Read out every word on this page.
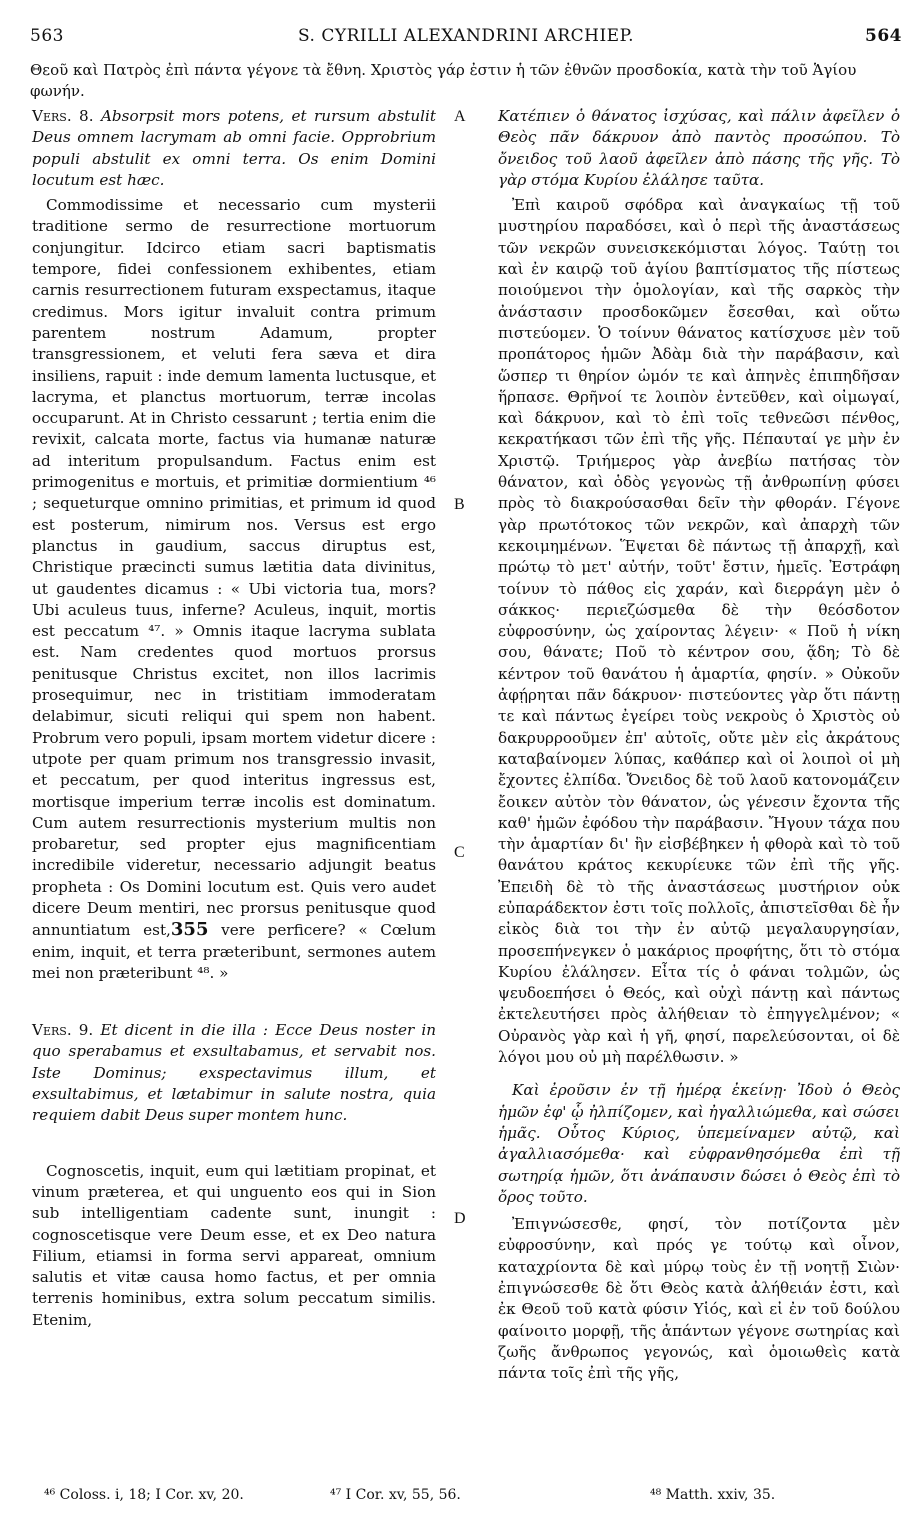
563	S. CYRILLI ALEXANDRINI ARCHIEP.	564
Θεοῦ καὶ Πατρὸς ἐπὶ πάντα γέγονε τὰ ἔθνη. Χριστὸς γάρ ἐστιν ἡ τῶν ἐθνῶν προσδοκία, κατὰ τὴν τοῦ Ἁγίου φωνήν.

Vers. 8. Absorpsit mors potens, et rursum abstulit Deus omnem lacrymam ab omni facie. Opprobrium populi abstulit ex omni terra. Os enim Domini locutum est hæc.

Commodissime et necessario cum mysterii traditione sermo de resurrectione mortuorum conjungitur. Idcirco etiam sacri baptismatis tempore, fidei confessionem exhibentes, etiam carnis resurrectionem futuram exspectamus, itaque credimus. Mors igitur invaluit contra primum parentem nostrum Adamum, propter transgressionem, et veluti fera sæva et dira insiliens, rapuit : inde demum lamenta luctusque, et lacryma, et planctus mortuorum, terræ incolas occuparunt. At in Christo cessarunt ; tertia enim die revixit, calcata morte, factus via humanæ naturæ ad interitum propulsandum. Factus enim est primogenitus e mortuis, et primitiæ dormientium ⁴⁶ ; sequeturque omnino primitias, et primum id quod est posterum, nimirum nos. Versus est ergo planctus in gaudium, saccus diruptus est, Christique præcincti sumus lætitia data divinitus, ut gaudentes dicamus : « Ubi victoria tua, mors? Ubi aculeus tuus, inferne? Aculeus, inquit, mortis est peccatum ⁴⁷. » Omnis itaque lacryma sublata est. Nam credentes quod mortuos prorsus penitusque Christus excitet, non illos lacrimis prosequimur, nec in tristitiam immoderatam delabimur, sicuti reliqui qui spem non habent. Probrum vero populi, ipsam mortem videtur dicere : utpote per quam primum nos transgressio invasit, et peccatum, per quod interitus ingressus est, mortisque imperium terræ incolis est dominatum. Cum autem resurrectionis mysterium multis non probaretur, sed propter ejus magnificentiam incredibile videretur, necessario adjungit beatus propheta : Os Domini locutum est. Quis vero audet dicere Deum mentiri, nec prorsus penitusque quod annuntiatum est,355 vere perficere? « Cœlum enim, inquit, et terra præteribunt, sermones autem mei non præteribunt ⁴⁸. »

Vers. 9. Et dicent in die illa : Ecce Deus noster in quo sperabamus et exsultabamus, et servabit nos. Iste Dominus; exspectavimus illum, et exsultabimus, et lætabimur in salute nostra, quia requiem dabit Deus super montem hunc.

Cognoscetis, inquit, eum qui lætitiam propinat, et vinum præterea, et qui unguento eos qui in Sion sub intelligentiam cadente sunt, inungit : cognoscetisque vere Deum esse, et ex Deo natura Filium, etiamsi in forma servi appareat, omnium salutis et vitæ causa homo factus, et per omnia terrenis hominibus, extra solum peccatum similis. Etenim,

A
B
C
D

Κατέπιεν ὁ θάνατος ἰσχύσας, καὶ πάλιν ἀφεῖλεν ὁ Θεὸς πᾶν δάκρυον ἀπὸ παντὸς προσώπου. Τὸ ὄνειδος τοῦ λαοῦ ἀφεῖλεν ἀπὸ πάσης τῆς γῆς. Τὸ γὰρ στόμα Κυρίου ἐλάλησε ταῦτα.

Ἐπὶ καιροῦ σφόδρα καὶ ἀναγκαίως τῇ τοῦ μυστηρίου παραδόσει, καὶ ὁ περὶ τῆς ἀναστάσεως τῶν νεκρῶν συνεισκεκόμισται λόγος. Ταύτῃ τοι καὶ ἐν καιρῷ τοῦ ἁγίου βαπτίσματος τῆς πίστεως ποιούμενοι τὴν ὁμολογίαν, καὶ τῆς σαρκὸς τὴν ἀνάστασιν προσδοκῶμεν ἔσεσθαι, καὶ οὕτω πιστεύομεν. Ὁ τοίνυν θάνατος κατίσχυσε μὲν τοῦ προπάτορος ἡμῶν Ἀδὰμ διὰ τὴν παράβασιν, καὶ ὥσπερ τι θηρίον ὠμόν τε καὶ ἀπηνὲς ἐπιπηδῆσαν ἥρπασε. Θρῆνοί τε λοιπὸν ἐντεῦθεν, καὶ οἰμωγαί, καὶ δάκρυον, καὶ τὸ ἐπὶ τοῖς τεθνεῶσι πένθος, κεκρατήκασι τῶν ἐπὶ τῆς γῆς. Πέπαυταί γε μὴν ἐν Χριστῷ. Τριήμερος γὰρ ἀνεβίω πατήσας τὸν θάνατον, καὶ ὁδὸς γεγονὼς τῇ ἀνθρωπίνῃ φύσει πρὸς τὸ διακρούσασθαι δεῖν τὴν φθοράν. Γέγονε γὰρ πρωτότοκος τῶν νεκρῶν, καὶ ἀπαρχὴ τῶν κεκοιμημένων. Ἕψεται δὲ πάντως τῇ ἀπαρχῇ, καὶ πρώτῳ τὸ μετ' αὐτήν, τοῦτ' ἔστιν, ἡμεῖς. Ἐστράφη τοίνυν τὸ πάθος εἰς χαράν, καὶ διερράγη μὲν ὁ σάκκος· περιεζώσμεθα δὲ τὴν θεόσδοτον εὐφροσύνην, ὡς χαίροντας λέγειν· « Ποῦ ἡ νίκη σου, θάνατε; Ποῦ τὸ κέντρον σου, ᾅδη; Τὸ δὲ κέντρον τοῦ θανάτου ἡ ἁμαρτία, φησίν. » Οὐκοῦν ἀφῄρηται πᾶν δάκρυον· πιστεύοντες γὰρ ὅτι πάντῃ τε καὶ πάντως ἐγείρει τοὺς νεκροὺς ὁ Χριστὸς οὐ δακρυρροοῦμεν ἐπ' αὐτοῖς, οὔτε μὲν εἰς ἀκράτους καταβαίνομεν λύπας, καθάπερ καὶ οἱ λοιποὶ οἱ μὴ ἔχοντες ἐλπίδα. Ὄνειδος δὲ τοῦ λαοῦ κατονομάζειν ἔοικεν αὐτὸν τὸν θάνατον, ὡς γένεσιν ἔχοντα τῆς καθ' ἡμῶν ἐφόδου τὴν παράβασιν. Ἤγουν τάχα που τὴν ἁμαρτίαν δι' ἣν εἰσβέβηκεν ἡ φθορὰ καὶ τὸ τοῦ θανάτου κράτος κεκυρίευκε τῶν ἐπὶ τῆς γῆς. Ἐπειδὴ δὲ τὸ τῆς ἀναστάσεως μυστήριον οὐκ εὐπαράδεκτον ἐστι τοῖς πολλοῖς, ἀπιστεῖσθαι δὲ ἦν εἰκὸς διὰ τοι τὴν ἐν αὐτῷ μεγαλαυργησίαν, προσεπήνεγκεν ὁ μακάριος προφήτης, ὅτι τὸ στόμα Κυρίου ἐλάλησεν. Εἶτα τίς ὁ φάναι τολμῶν, ὡς ψευδοεπήσει ὁ Θεός, καὶ οὐχὶ πάντῃ καὶ πάντως ἐκτελευτήσει πρὸς ἀλήθειαν τὸ ἐπηγγελμένον; « Οὐρανὸς γὰρ καὶ ἡ γῆ, φησί, παρελεύσονται, οἱ δὲ λόγοι μου οὐ μὴ παρέλθωσιν. »

Καὶ ἐροῦσιν ἐν τῇ ἡμέρᾳ ἐκείνῃ· Ἰδοὺ ὁ Θεὸς ἡμῶν ἐφ' ᾧ ἠλπίζομεν, καὶ ἠγαλλιώμεθα, καὶ σώσει ἡμᾶς. Οὗτος Κύριος, ὑπεμείναμεν αὐτῷ, καὶ ἀγαλλιασόμεθα· καὶ εὐφρανθησόμεθα ἐπὶ τῇ σωτηρίᾳ ἡμῶν, ὅτι ἀνάπαυσιν δώσει ὁ Θεὸς ἐπὶ τὸ ὄρος τοῦτο.

Ἐπιγνώσεσθε, φησί, τὸν ποτίζοντα μὲν εὐφροσύνην, καὶ πρός γε τούτῳ καὶ οἶνον, καταχρίοντα δὲ καὶ μύρῳ τοὺς ἐν τῇ νοητῇ Σιὼν· ἐπιγνώσεσθε δὲ ὅτι Θεὸς κατὰ ἀλήθειάν ἐστι, καὶ ἐκ Θεοῦ τοῦ κατὰ φύσιν Υἱός, καὶ εἰ ἐν τοῦ δούλου φαίνοιτο μορφῇ, τῆς ἁπάντων γέγονε σωτηρίας καὶ ζωῆς ἄνθρωπος γεγονώς, καὶ ὁμοιωθεὶς κατὰ πάντα τοῖς ἐπὶ τῆς γῆς,

⁴⁶ Coloss. i, 18; I Cor. xv, 20.	⁴⁷ I Cor. xv, 55, 56.	⁴⁸ Matth. xxiv, 35.
